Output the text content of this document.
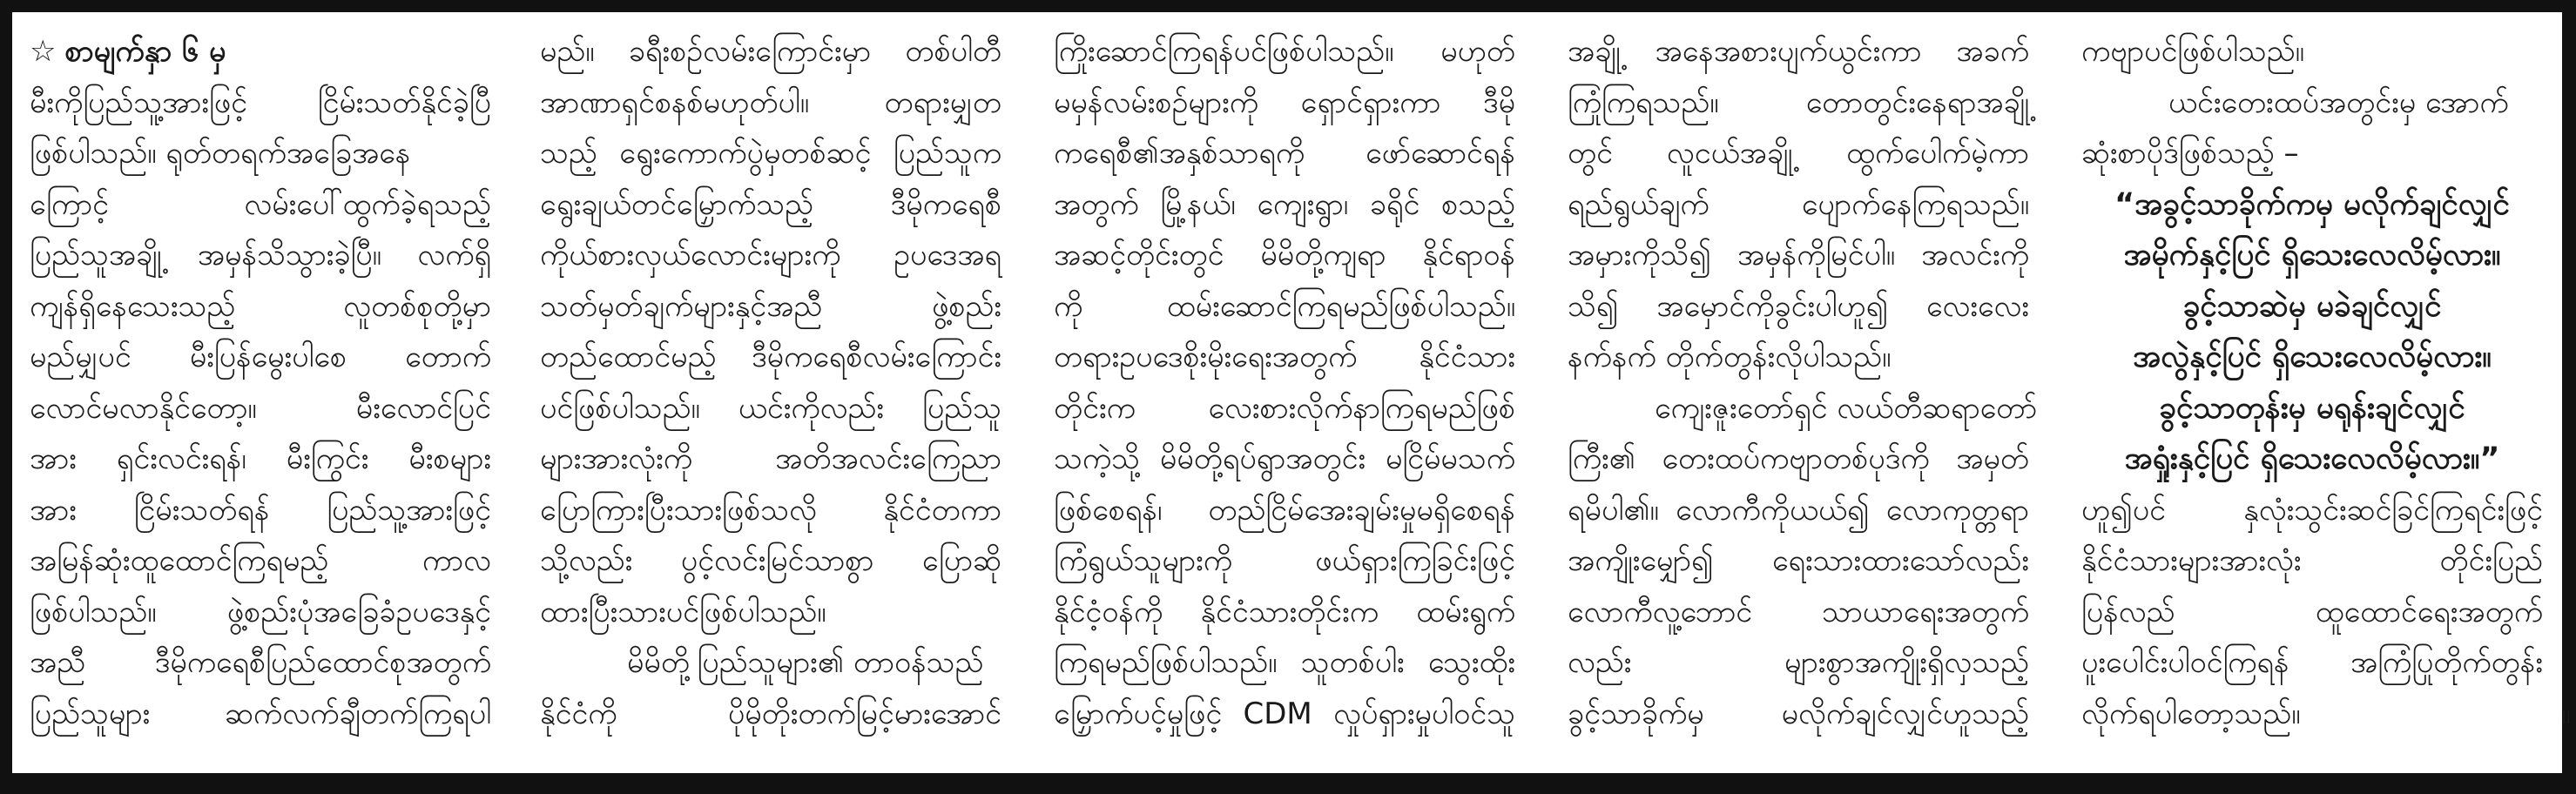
☆ စာမျက်နှာ ၆ မှ
မီးကိုပြည်သူ့အားဖြင့် ငြိမ်းသတ်နိုင်ခဲ့ပြီ
ဖြစ်ပါသည်။ ရုတ်တရက်အခြေအနေ
ကြောင့် လမ်းပေါ်ထွက်ခဲ့ရသည့်
ပြည်သူအချို့ အမှန်သိသွားခဲ့ပြီ။ လက်ရှိ
ကျန်ရှိနေသေးသည့် လူတစ်စုတို့မှာ
မည်မျှပင် မီးပြန်မွေးပါစေ တောက်
လောင်မလာနိုင်တော့။ မီးလောင်ပြင်
အား ရှင်းလင်းရန်၊ မီးကြွင်း မီးစများ
အား ငြိမ်းသတ်ရန် ပြည်သူ့အားဖြင့်
အမြန်ဆုံးထူထောင်ကြရမည့် ကာလ
ဖြစ်ပါသည်။ ဖွဲ့စည်းပုံအခြေခံဥပဒေနှင့်
အညီ ဒီမိုကရေစီပြည်ထောင်စုအတွက်
ပြည်သူများ ဆက်လက်ချီတက်ကြရပါ
မည်။ ခရီးစဉ်လမ်းကြောင်းမှာ တစ်ပါတီ
အာဏာရှင်စနစ်မဟုတ်ပါ။ တရားမျှတ
သည့် ရွေးကောက်ပွဲမှတစ်ဆင့် ပြည်သူက
ရွေးချယ်တင်မြှောက်သည့် ဒီမိုကရေစီ
ကိုယ်စားလှယ်လောင်းများကို ဥပဒေအရ
သတ်မှတ်ချက်များနှင့်အညီ ဖွဲ့စည်း
တည်ထောင်မည့် ဒီမိုကရေစီလမ်းကြောင်း
ပင်ဖြစ်ပါသည်။ ယင်းကိုလည်း ပြည်သူ
များအားလုံးကို အတိအလင်းကြေညာ
ပြောကြားပြီးသားဖြစ်သလို နိုင်ငံတကာ
သို့လည်း ပွင့်လင်းမြင်သာစွာ ပြောဆို
ထားပြီးသားပင်ဖြစ်ပါသည်။
မိမိတို့ပြည်သူများ၏ တာဝန်သည်
နိုင်ငံကို ပိုမိုတိုးတက်မြင့်မားအောင်
ကြိုးဆောင်ကြရန်ပင်ဖြစ်ပါသည်။ မဟုတ်
မမှန်လမ်းစဉ်များကို ရှောင်ရှားကာ ဒီမို
ကရေစီ၏အနှစ်သာရကို ဖော်ဆောင်ရန်
အတွက် မြို့နယ်၊ ကျေးရွာ၊ ခရိုင် စသည့်
အဆင့်တိုင်းတွင် မိမိတို့ကျရာ နိုင်ရာဝန်
ကို ထမ်းဆောင်ကြရမည်ဖြစ်ပါသည်။
တရားဥပဒေစိုးမိုးရေးအတွက် နိုင်ငံသား
တိုင်းက လေးစားလိုက်နာကြရမည်ဖြစ်
သကဲ့သို့ မိမိတို့ရပ်ရွာအတွင်း မငြိမ်မသက်
ဖြစ်စေရန်၊ တည်ငြိမ်အေးချမ်းမှုမရှိစေရန်
ကြံရွယ်သူများကို ဖယ်ရှားကြခြင်းဖြင့်
နိုင်ငံ့ဝန်ကို နိုင်ငံသားတိုင်းက ထမ်းရွက်
ကြရမည်ဖြစ်ပါသည်။ သူတစ်ပါး သွေးထိုး
မြှောက်ပင့်မှုဖြင့် CDM လှုပ်ရှားမှုပါဝင်သူ
အချို့ အနေအစားပျက်ယွင်းကာ အခက်
ကြုံကြရသည်။ တောတွင်းနေရာအချို့
တွင် လူငယ်အချို့ ထွက်ပေါက်မဲ့ကာ
ရည်ရွယ်ချက် ပျောက်နေကြရသည်။
အမှားကိုသိ၍ အမှန်ကိုမြင်ပါ။ အလင်းကို
သိ၍ အမှောင်ကိုခွင်းပါဟူ၍ လေးလေး
နက်နက် တိုက်တွန်းလိုပါသည်။
ကျေးဇူးတော်ရှင် လယ်တီဆရာတော်
ကြီး၏ တေးထပ်ကဗျာတစ်ပုဒ်ကို အမှတ်
ရမိပါ၏။ လောကီကိုယယ်၍ လောကုတ္တရာ
အကျိုးမျှော်၍ ရေးသားထားသော်လည်း
လောကီလူ့ဘောင် သာယာရေးအတွက်
လည်း များစွာအကျိုးရှိလှသည့်
ခွင့်သာခိုက်မှ မလိုက်ချင်လျှင်ဟူသည့်
ကဗျာပင်ဖြစ်ပါသည်။
ယင်းတေးထပ်အတွင်းမှ အောက်
ဆုံးစာပိုဒ်ဖြစ်သည့် –
“အခွင့်သာခိုက်ကမှ မလိုက်ချင်လျှင်
အမိုက်နှင့်ပြင် ရှိသေးလေလိမ့်လား။
ခွင့်သာဆဲမှ မခဲချင်လျှင်
အလွဲနှင့်ပြင် ရှိသေးလေလိမ့်လား။
ခွင့်သာတုန်းမှ မရုန်းချင်လျှင်
အရှုံးနှင့်ပြင် ရှိသေးလေလိမ့်လား။”
ဟူ၍ပင် နှလုံးသွင်းဆင်ခြင်ကြရင်းဖြင့်
နိုင်ငံသားများအားလုံး တိုင်းပြည်
ပြန်လည် ထူထောင်ရေးအတွက်
ပူးပေါင်းပါဝင်ကြရန် အကြံပြုတိုက်တွန်း
လိုက်ရပါတော့သည်။	။
